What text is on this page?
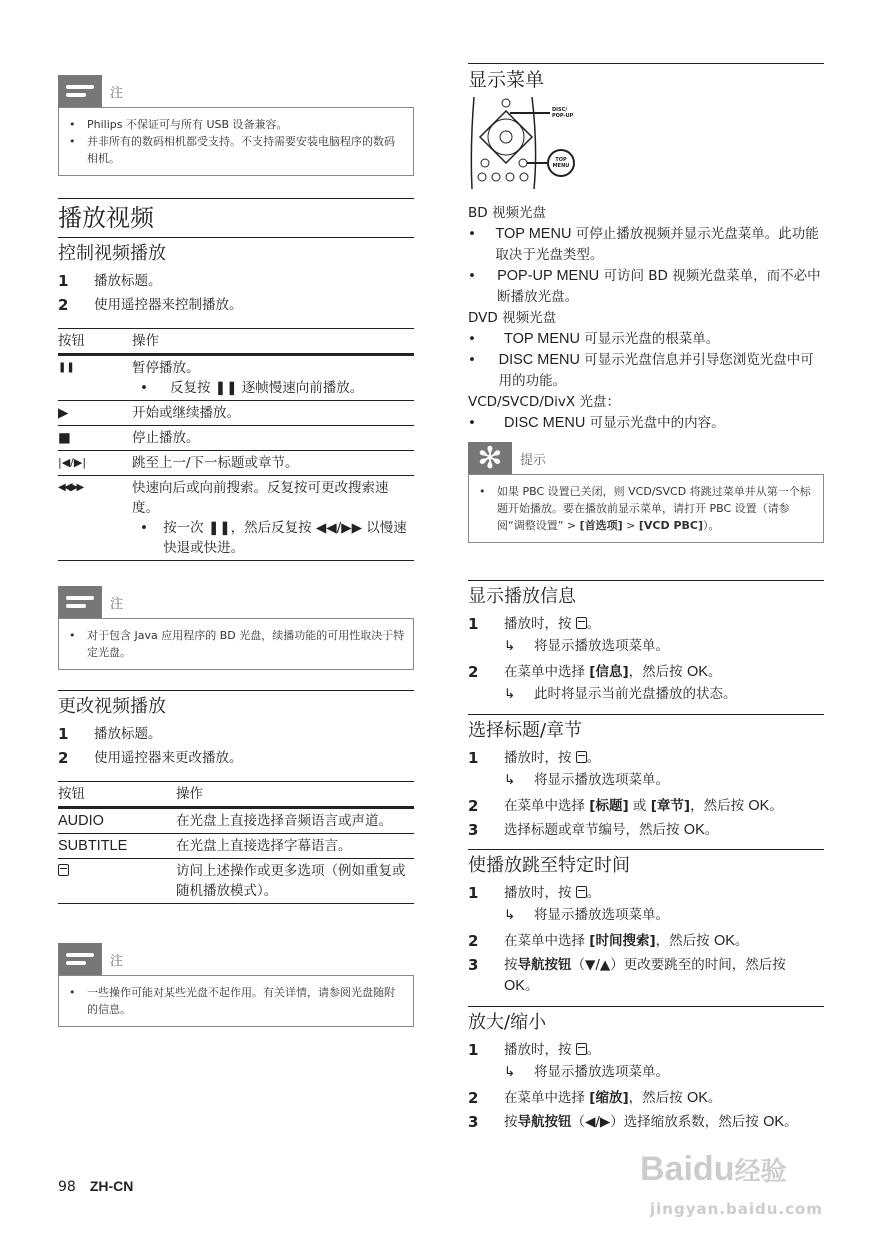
注
•	Philips 不保证可与所有 USB 设备兼容。
•	并非所有的数码相机都受支持。不支持需要安装电脑程序的数码相机。
播放视频
控制视频播放
1	播放标题。
2	使用遥控器来控制播放。
按钮	操作
❚❚	暂停播放。
• 反复按 ❚❚ 逐帧慢速向前播放。

▶	开始或继续播放。
■	停止播放。
|◀/▶|	跳至上一/下一标题或章节。
◀◀/▶▶	快速向后或向前搜索。反复按可更改搜索速度。
• 按一次 ❚❚，然后反复按 ◀◀/▶▶ 以慢速快退或快进。
注
•	对于包含 Java 应用程序的 BD 光盘，续播功能的可用性取决于特定光盘。
更改视频播放
1	播放标题。
2	使用遥控器来更改播放。
按钮	操作
AUDIO	在光盘上直接选择音频语言或声道。
SUBTITLE	在光盘上直接选择字幕语言。
	访问上述操作或更多选项（例如重复或随机播放模式）。
注
•	一些操作可能对某些光盘不起作用。有关详情，请参阅光盘随附的信息。
98 ZH-CN
显示菜单
DISC/
POP-UP
TOP
MENU
BD 视频光盘
•	TOP MENU 可停止播放视频并显示光盘菜单。此功能取决于光盘类型。
•	POP-UP MENU 可访问 BD 视频光盘菜单，而不必中断播放光盘。
DVD 视频光盘
•	TOP MENU 可显示光盘的根菜单。
•	DISC MENU 可显示光盘信息并引导您浏览光盘中可用的功能。
VCD/SVCD/DivX 光盘：
•	DISC MENU 可显示光盘中的内容。
✻	提示
•	如果 PBC 设置已关闭，则 VCD/SVCD 将跳过菜单并从第一个标题开始播放。要在播放前显示菜单，请打开 PBC 设置（请参阅“调整设置” > [首选项] > [VCD PBC]）。
显示播放信息
1	播放时，按 。
↳	将显示播放选项菜单。
2	在菜单中选择 [信息]，然后按 OK。
↳	此时将显示当前光盘播放的状态。
选择标题/章节
1	播放时，按 。
↳	将显示播放选项菜单。
2	在菜单中选择 [标题] 或 [章节]，然后按 OK。
3	选择标题或章节编号，然后按 OK。
使播放跳至特定时间
1	播放时，按 。
↳	将显示播放选项菜单。
2	在菜单中选择 [时间搜索]，然后按 OK。
3	按导航按钮（▼/▲）更改要跳至的时间，然后按 OK。
放大/缩小
1	播放时，按 。
↳	将显示播放选项菜单。
2	在菜单中选择 [缩放]，然后按 OK。
3	按导航按钮（◀/▶）选择缩放系数，然后按 OK。
Baidu经验
jingyan.baidu.com
